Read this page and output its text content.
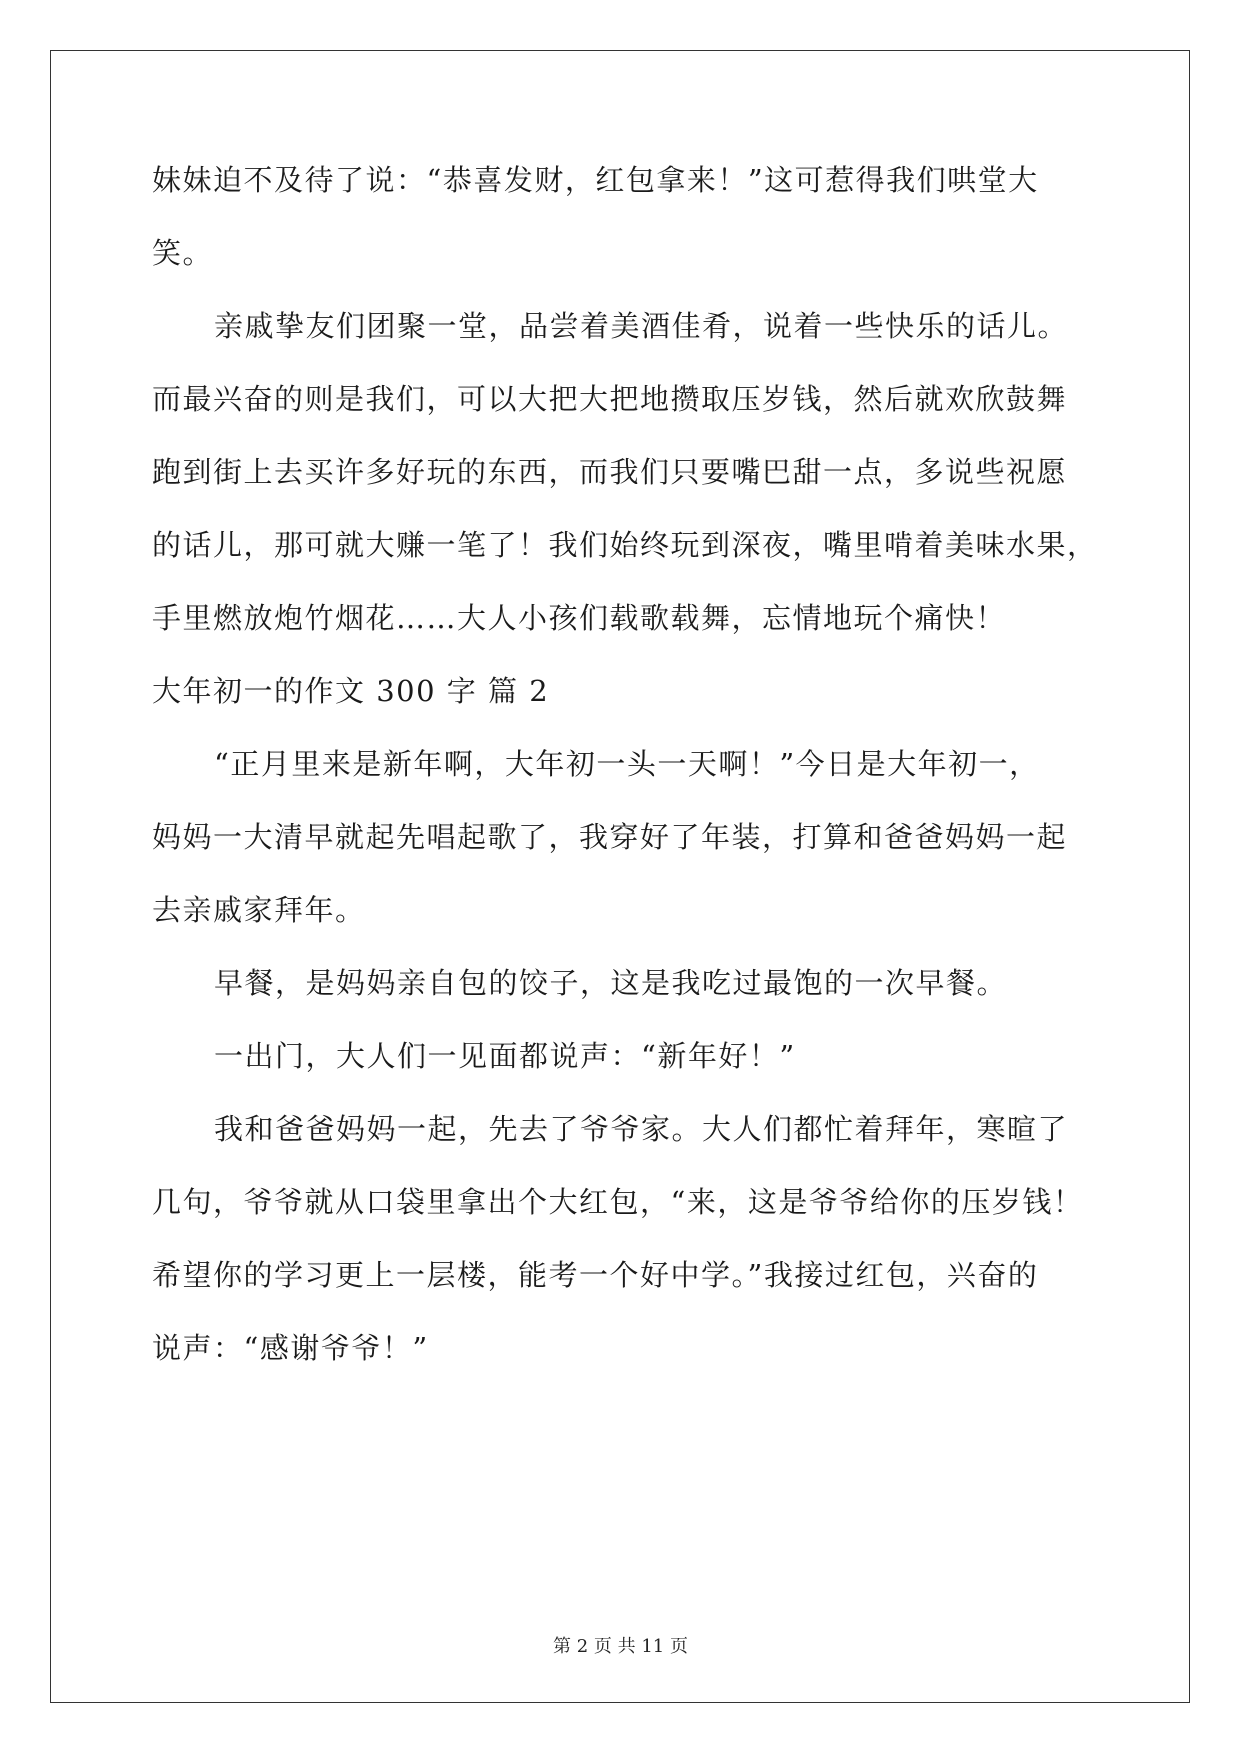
妹妹迫不及待了说：“恭喜发财，红包拿来！”这可惹得我们哄堂大
笑。
亲戚挚友们团聚一堂，品尝着美酒佳肴，说着一些快乐的话儿。
而最兴奋的则是我们，可以大把大把地攒取压岁钱，然后就欢欣鼓舞
跑到街上去买许多好玩的东西，而我们只要嘴巴甜一点，多说些祝愿
的话儿，那可就大赚一笔了！我们始终玩到深夜，嘴里啃着美味水果，
手里燃放炮竹烟花……大人小孩们载歌载舞，忘情地玩个痛快！
大年初一的作文 300 字 篇 2
“正月里来是新年啊，大年初一头一天啊！”今日是大年初一，
妈妈一大清早就起先唱起歌了，我穿好了年装，打算和爸爸妈妈一起
去亲戚家拜年。
早餐，是妈妈亲自包的饺子，这是我吃过最饱的一次早餐。
一出门，大人们一见面都说声：“新年好！”
我和爸爸妈妈一起，先去了爷爷家。大人们都忙着拜年，寒暄了
几句，爷爷就从口袋里拿出个大红包，“来，这是爷爷给你的压岁钱！
希望你的学习更上一层楼，能考一个好中学。”我接过红包，兴奋的
说声：“感谢爷爷！”
第 2 页 共 11 页
